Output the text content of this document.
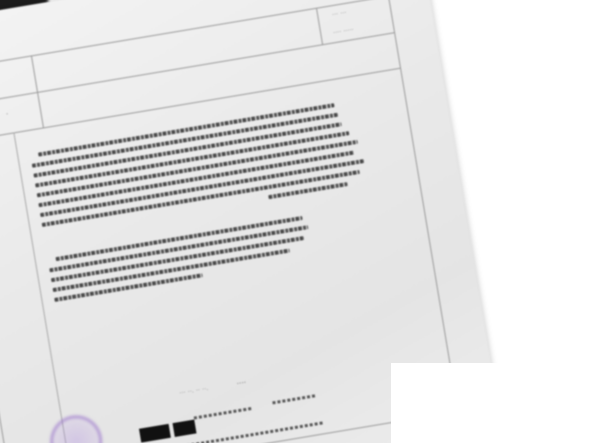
··· ···
···· ·····
·
··· ··. ·· ··.
····
